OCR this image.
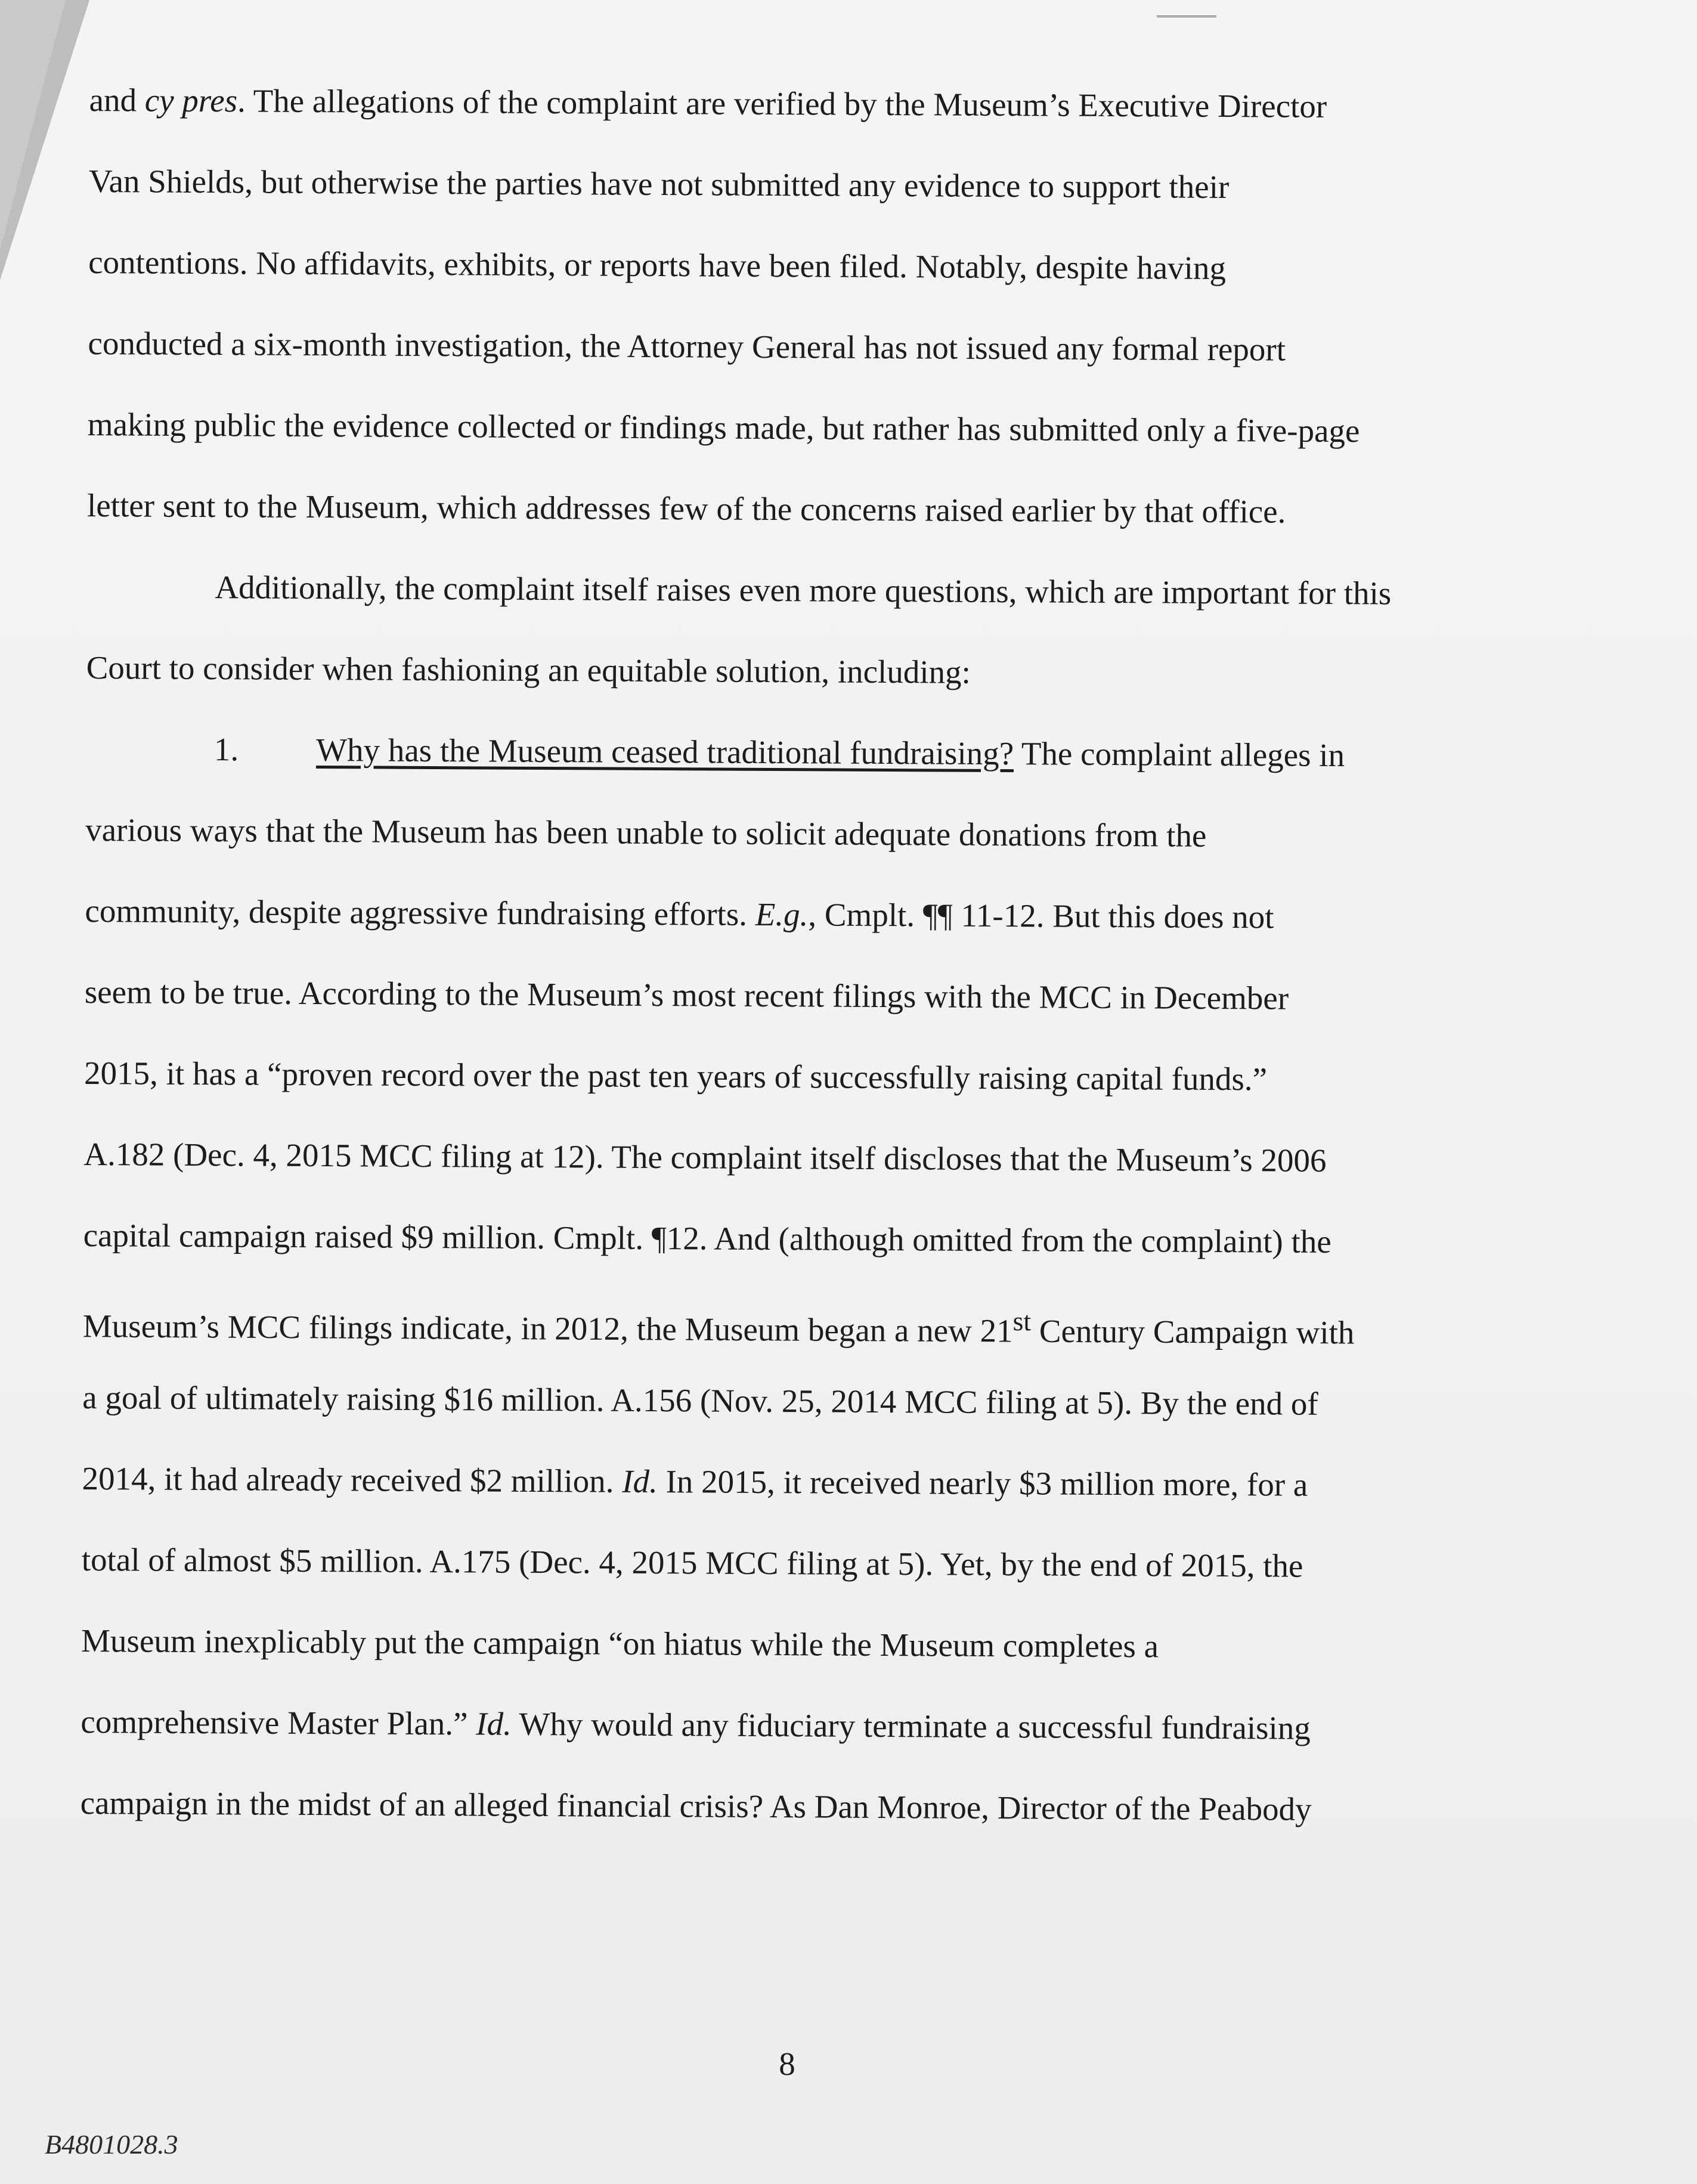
and cy pres. The allegations of the complaint are verified by the Museum’s Executive Director
Van Shields, but otherwise the parties have not submitted any evidence to support their
contentions. No affidavits, exhibits, or reports have been filed. Notably, despite having
conducted a six-month investigation, the Attorney General has not issued any formal report
making public the evidence collected or findings made, but rather has submitted only a five-page
letter sent to the Museum, which addresses few of the concerns raised earlier by that office.
Additionally, the complaint itself raises even more questions, which are important for this
Court to consider when fashioning an equitable solution, including:
1. Why has the Museum ceased traditional fundraising? The complaint alleges in
various ways that the Museum has been unable to solicit adequate donations from the
community, despite aggressive fundraising efforts. E.g., Cmplt. ¶¶ 11-12. But this does not
seem to be true. According to the Museum’s most recent filings with the MCC in December
2015, it has a “proven record over the past ten years of successfully raising capital funds.”
A.182 (Dec. 4, 2015 MCC filing at 12). The complaint itself discloses that the Museum’s 2006
capital campaign raised $9 million. Cmplt. ¶12. And (although omitted from the complaint) the
Museum’s MCC filings indicate, in 2012, the Museum began a new 21st Century Campaign with
a goal of ultimately raising $16 million. A.156 (Nov. 25, 2014 MCC filing at 5). By the end of
2014, it had already received $2 million. Id. In 2015, it received nearly $3 million more, for a
total of almost $5 million. A.175 (Dec. 4, 2015 MCC filing at 5). Yet, by the end of 2015, the
Museum inexplicably put the campaign “on hiatus while the Museum completes a
comprehensive Master Plan.” Id. Why would any fiduciary terminate a successful fundraising
campaign in the midst of an alleged financial crisis? As Dan Monroe, Director of the Peabody
8
B4801028.3
